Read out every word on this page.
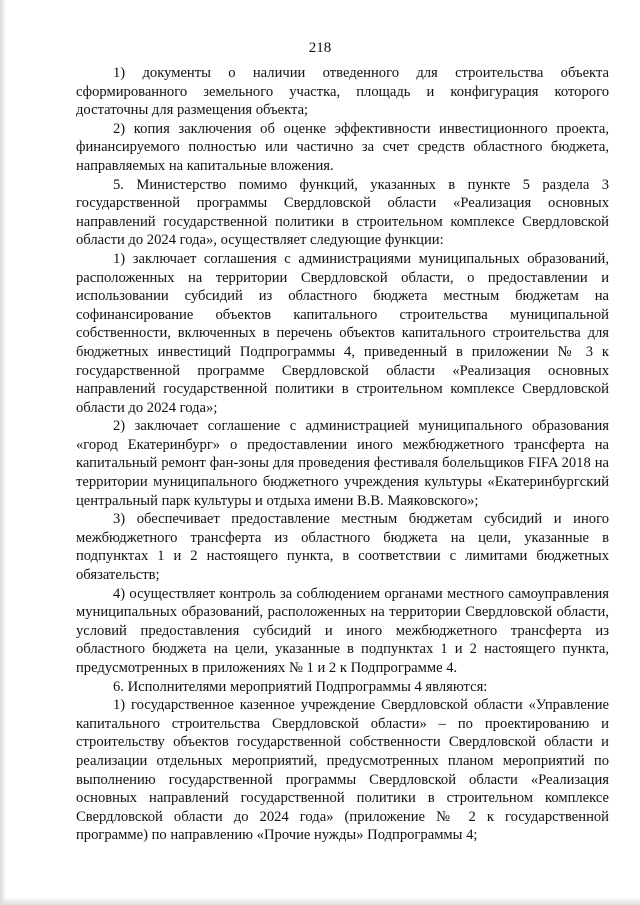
218

1) документы о наличии отведенного для строительства объекта сформированного земельного участка, площадь и конфигурация которого достаточны для размещения объекта;

2) копия заключения об оценке эффективности инвестиционного проекта, финансируемого полностью или частично за счет средств областного бюджета, направляемых на капитальные вложения.

5. Министерство помимо функций, указанных в пункте 5 раздела 3 государственной программы Свердловской области «Реализация основных направлений государственной политики в строительном комплексе Свердловской области до 2024 года», осуществляет следующие функции:

1) заключает соглашения с администрациями муниципальных образований, расположенных на территории Свердловской области, о предоставлении и использовании субсидий из областного бюджета местным бюджетам на софинансирование объектов капитального строительства муниципальной собственности, включенных в перечень объектов капитального строительства для бюджетных инвестиций Подпрограммы 4, приведенный в приложении № 3 к государственной программе Свердловской области «Реализация основных направлений государственной политики в строительном комплексе Свердловской области до 2024 года»;

2) заключает соглашение с администрацией муниципального образования «город Екатеринбург» о предоставлении иного межбюджетного трансферта на капитальный ремонт фан-зоны для проведения фестиваля болельщиков FIFA 2018 на территории муниципального бюджетного учреждения культуры «Екатеринбургский центральный парк культуры и отдыха имени В.В. Маяковского»;

3) обеспечивает предоставление местным бюджетам субсидий и иного межбюджетного трансферта из областного бюджета на цели, указанные в подпунктах 1 и 2 настоящего пункта, в соответствии с лимитами бюджетных обязательств;

4) осуществляет контроль за соблюдением органами местного самоуправления муниципальных образований, расположенных на территории Свердловской области, условий предоставления субсидий и иного межбюджетного трансферта из областного бюджета на цели, указанные в подпунктах 1 и 2 настоящего пункта, предусмотренных в приложениях № 1 и 2 к Подпрограмме 4.

6. Исполнителями мероприятий Подпрограммы 4 являются:

1) государственное казенное учреждение Свердловской области «Управление капитального строительства Свердловской области» – по проектированию и строительству объектов государственной собственности Свердловской области и реализации отдельных мероприятий, предусмотренных планом мероприятий по выполнению государственной программы Свердловской области «Реализация основных направлений государственной политики в строительном комплексе Свердловской области до 2024 года» (приложение № 2 к государственной программе) по направлению «Прочие нужды» Подпрограммы 4;
